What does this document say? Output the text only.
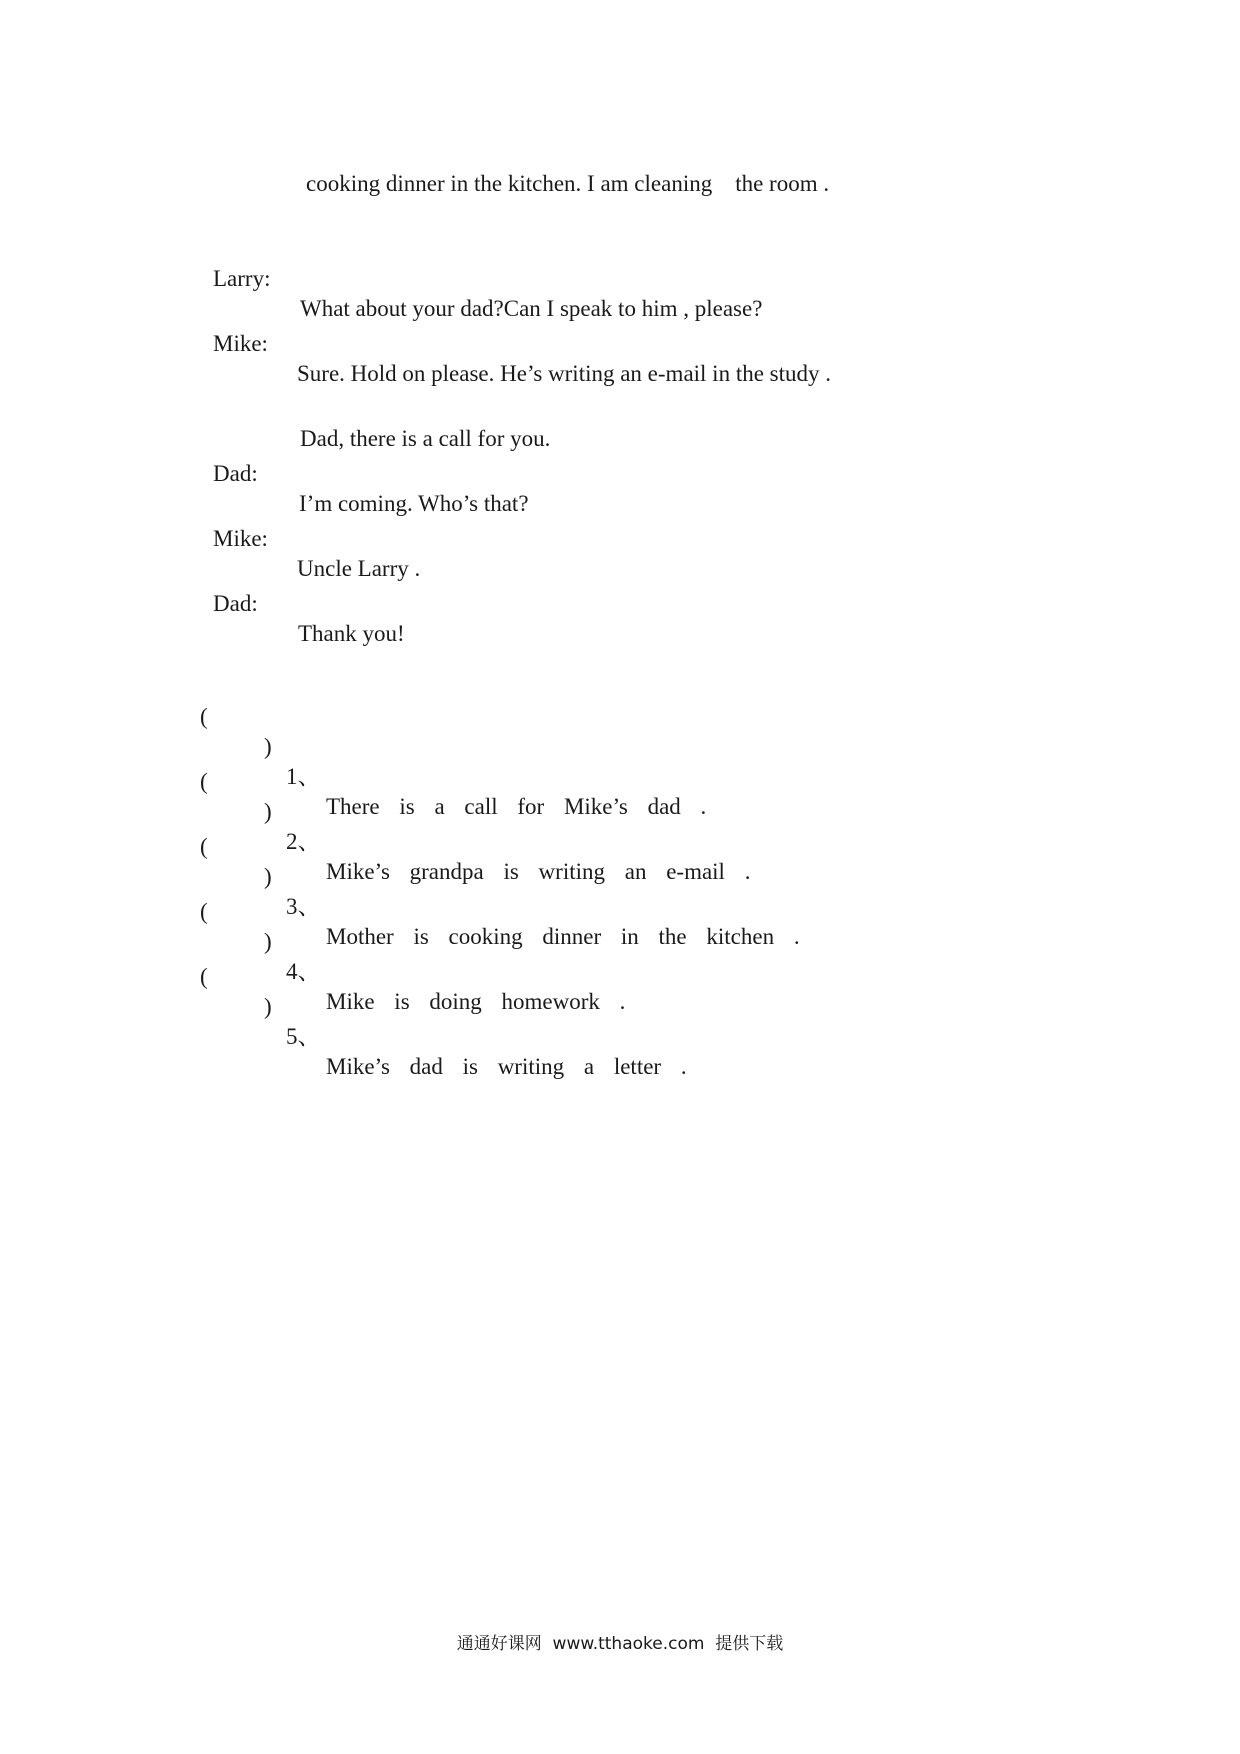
cooking dinner in the kitchen. I am cleaning    the room .

Larry:

What about your dad?Can I speak to him , please?

Mike:

Sure. Hold on please. He’s writing an e-mail in the study .

Dad, there is a call for you.

Dad:

I’m coming. Who’s that?

Mike:

Uncle Larry .

Dad:

Thank you!

(

)

1、

There is a call for Mike’s dad .

(

)

2、

Mike’s grandpa is writing an e-mail .

(

)

3、

Mother is cooking dinner in the kitchen .

(

)

4、

Mike is doing homework .

(

)

5、

Mike’s dad is writing a letter .

通通好课网  www.tthaoke.com  提供下载
